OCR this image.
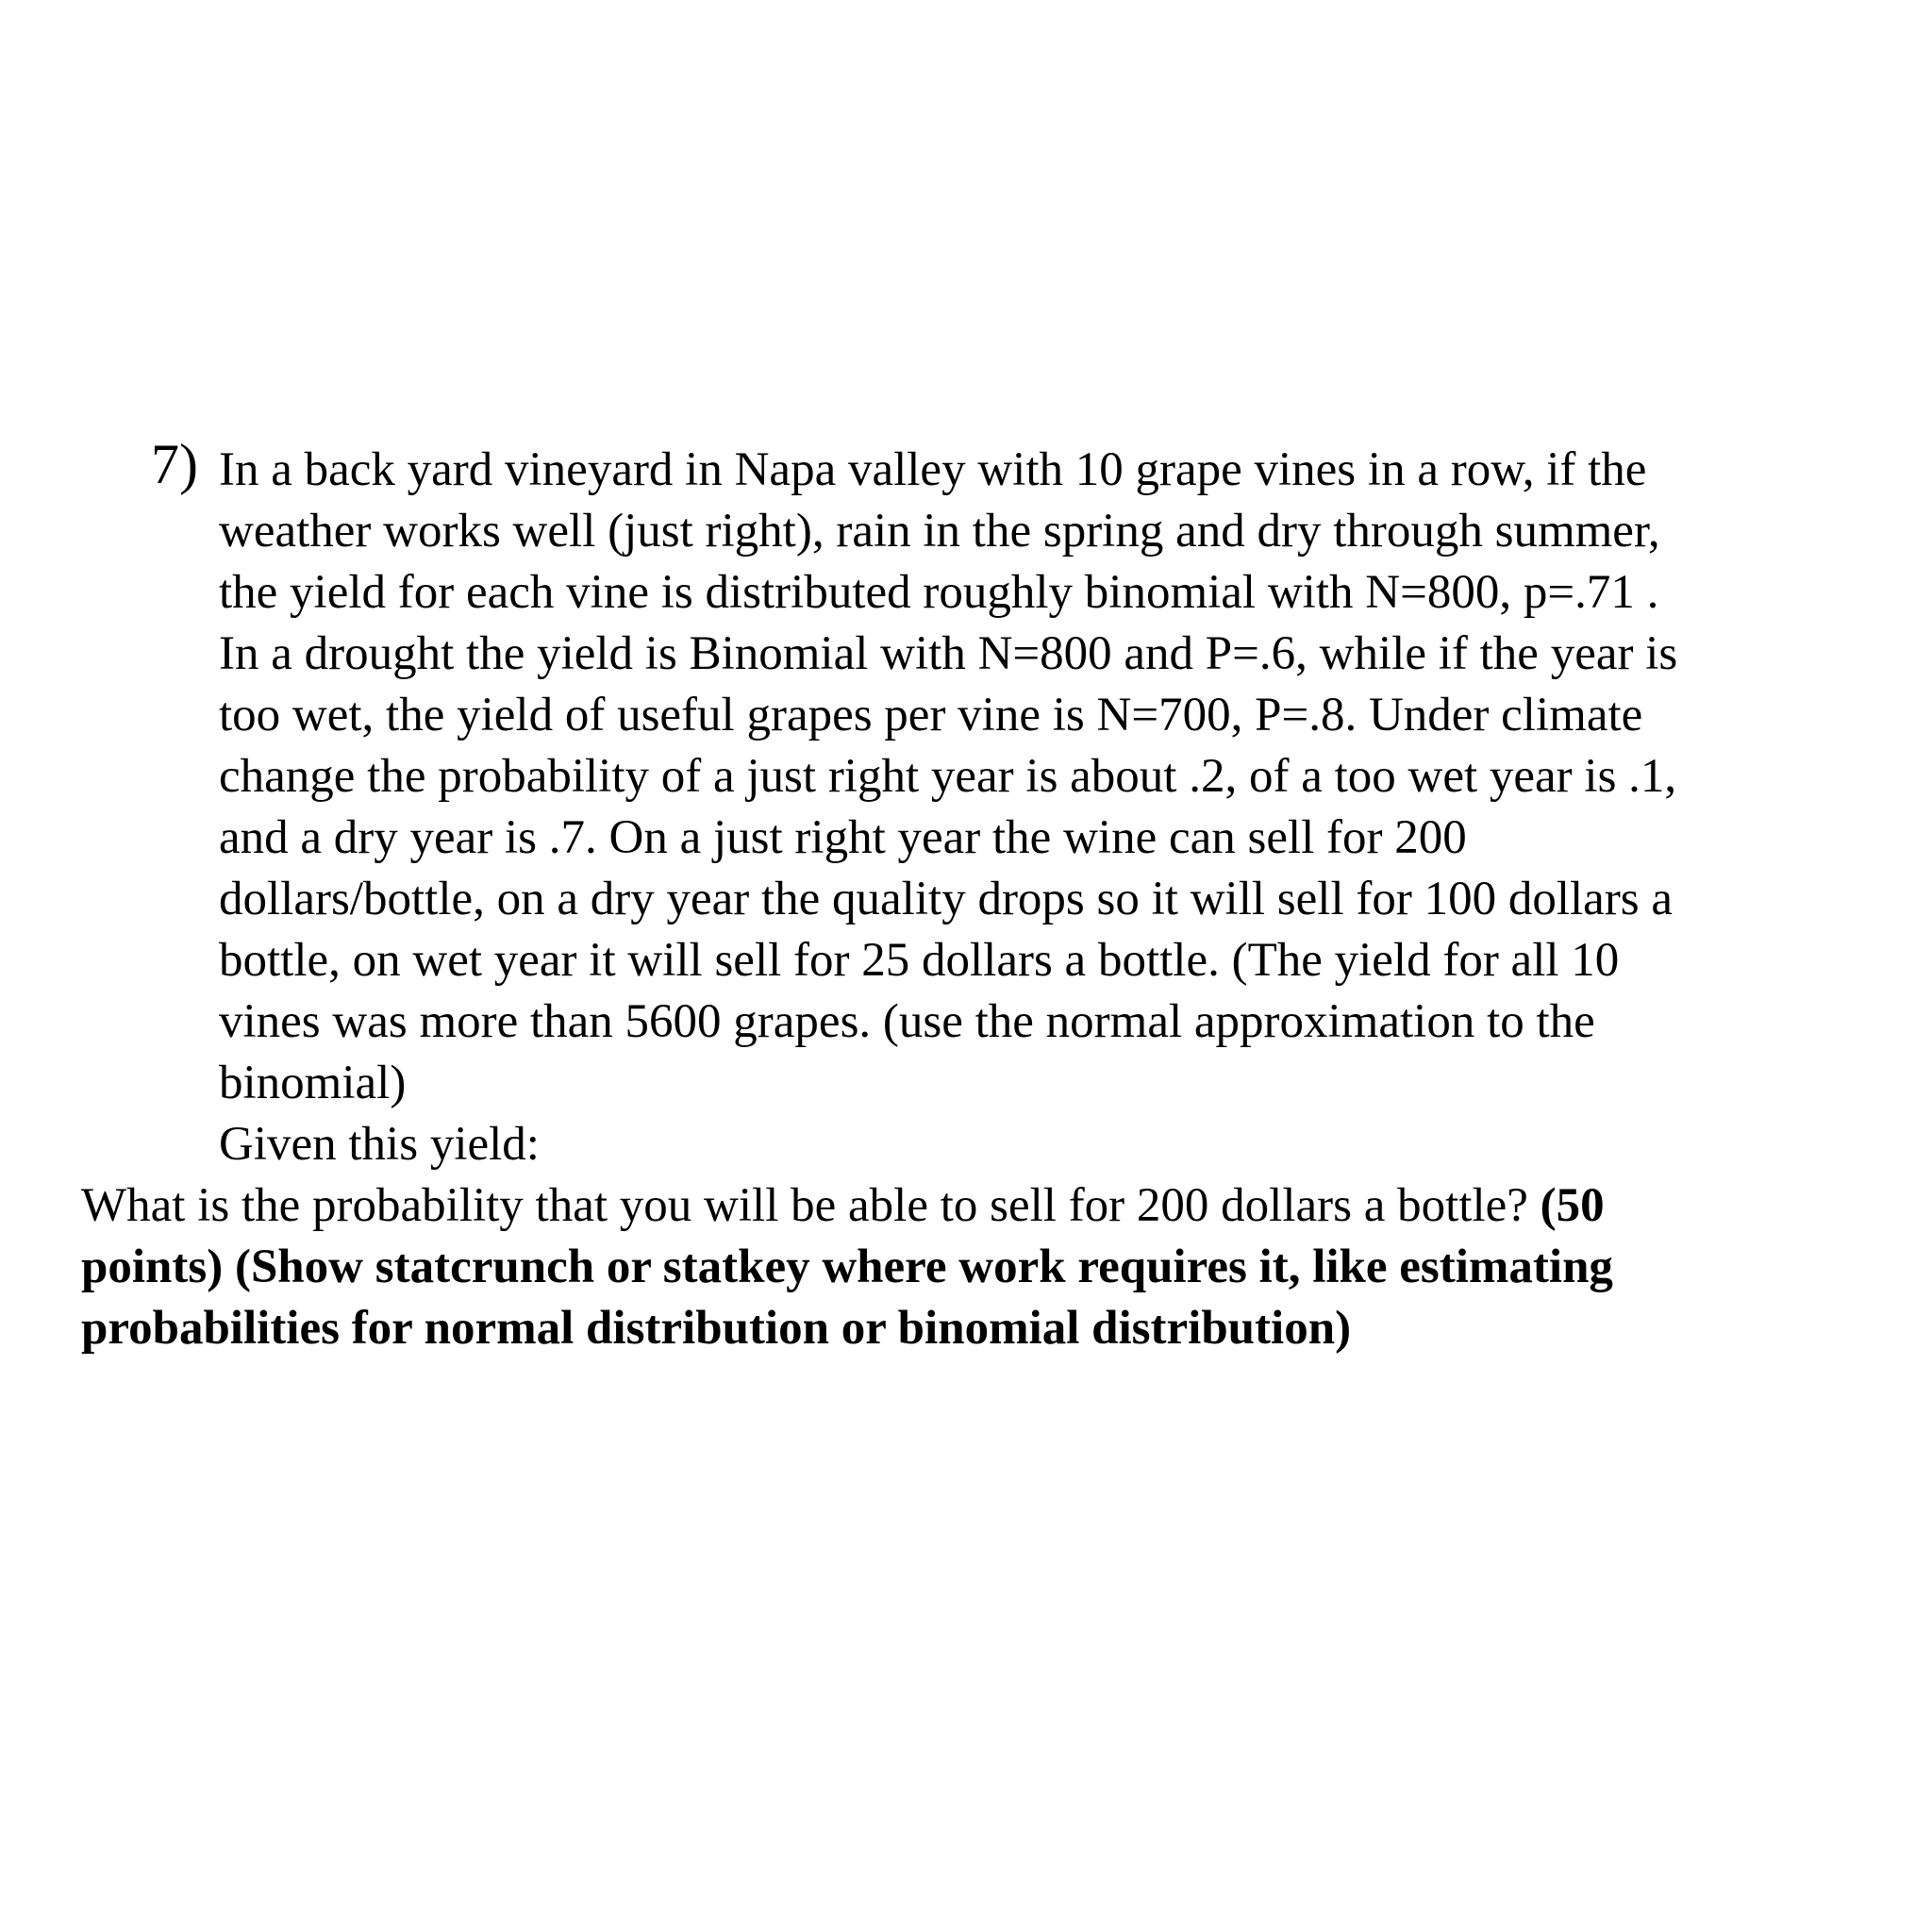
7) In a back yard vineyard in Napa valley with 10 grape vines in a row, if the
weather works well (just right), rain in the spring and dry through summer,
the yield for each vine is distributed roughly binomial with N=800, p=.71 .
In a drought the yield is Binomial with N=800 and P=.6, while if the year is
too wet, the yield of useful grapes per vine is N=700, P=.8. Under climate
change the probability of a just right year is about .2, of a too wet year is .1,
and a dry year is .7. On a just right year the wine can sell for 200
dollars/bottle, on a dry year the quality drops so it will sell for 100 dollars a
bottle, on wet year it will sell for 25 dollars a bottle. (The yield for all 10
vines was more than 5600 grapes. (use the normal approximation to the
binomial)
Given this yield:
What is the probability that you will be able to sell for 200 dollars a bottle? (50
points) (Show statcrunch or statkey where work requires it, like estimating
probabilities for normal distribution or binomial distribution)
